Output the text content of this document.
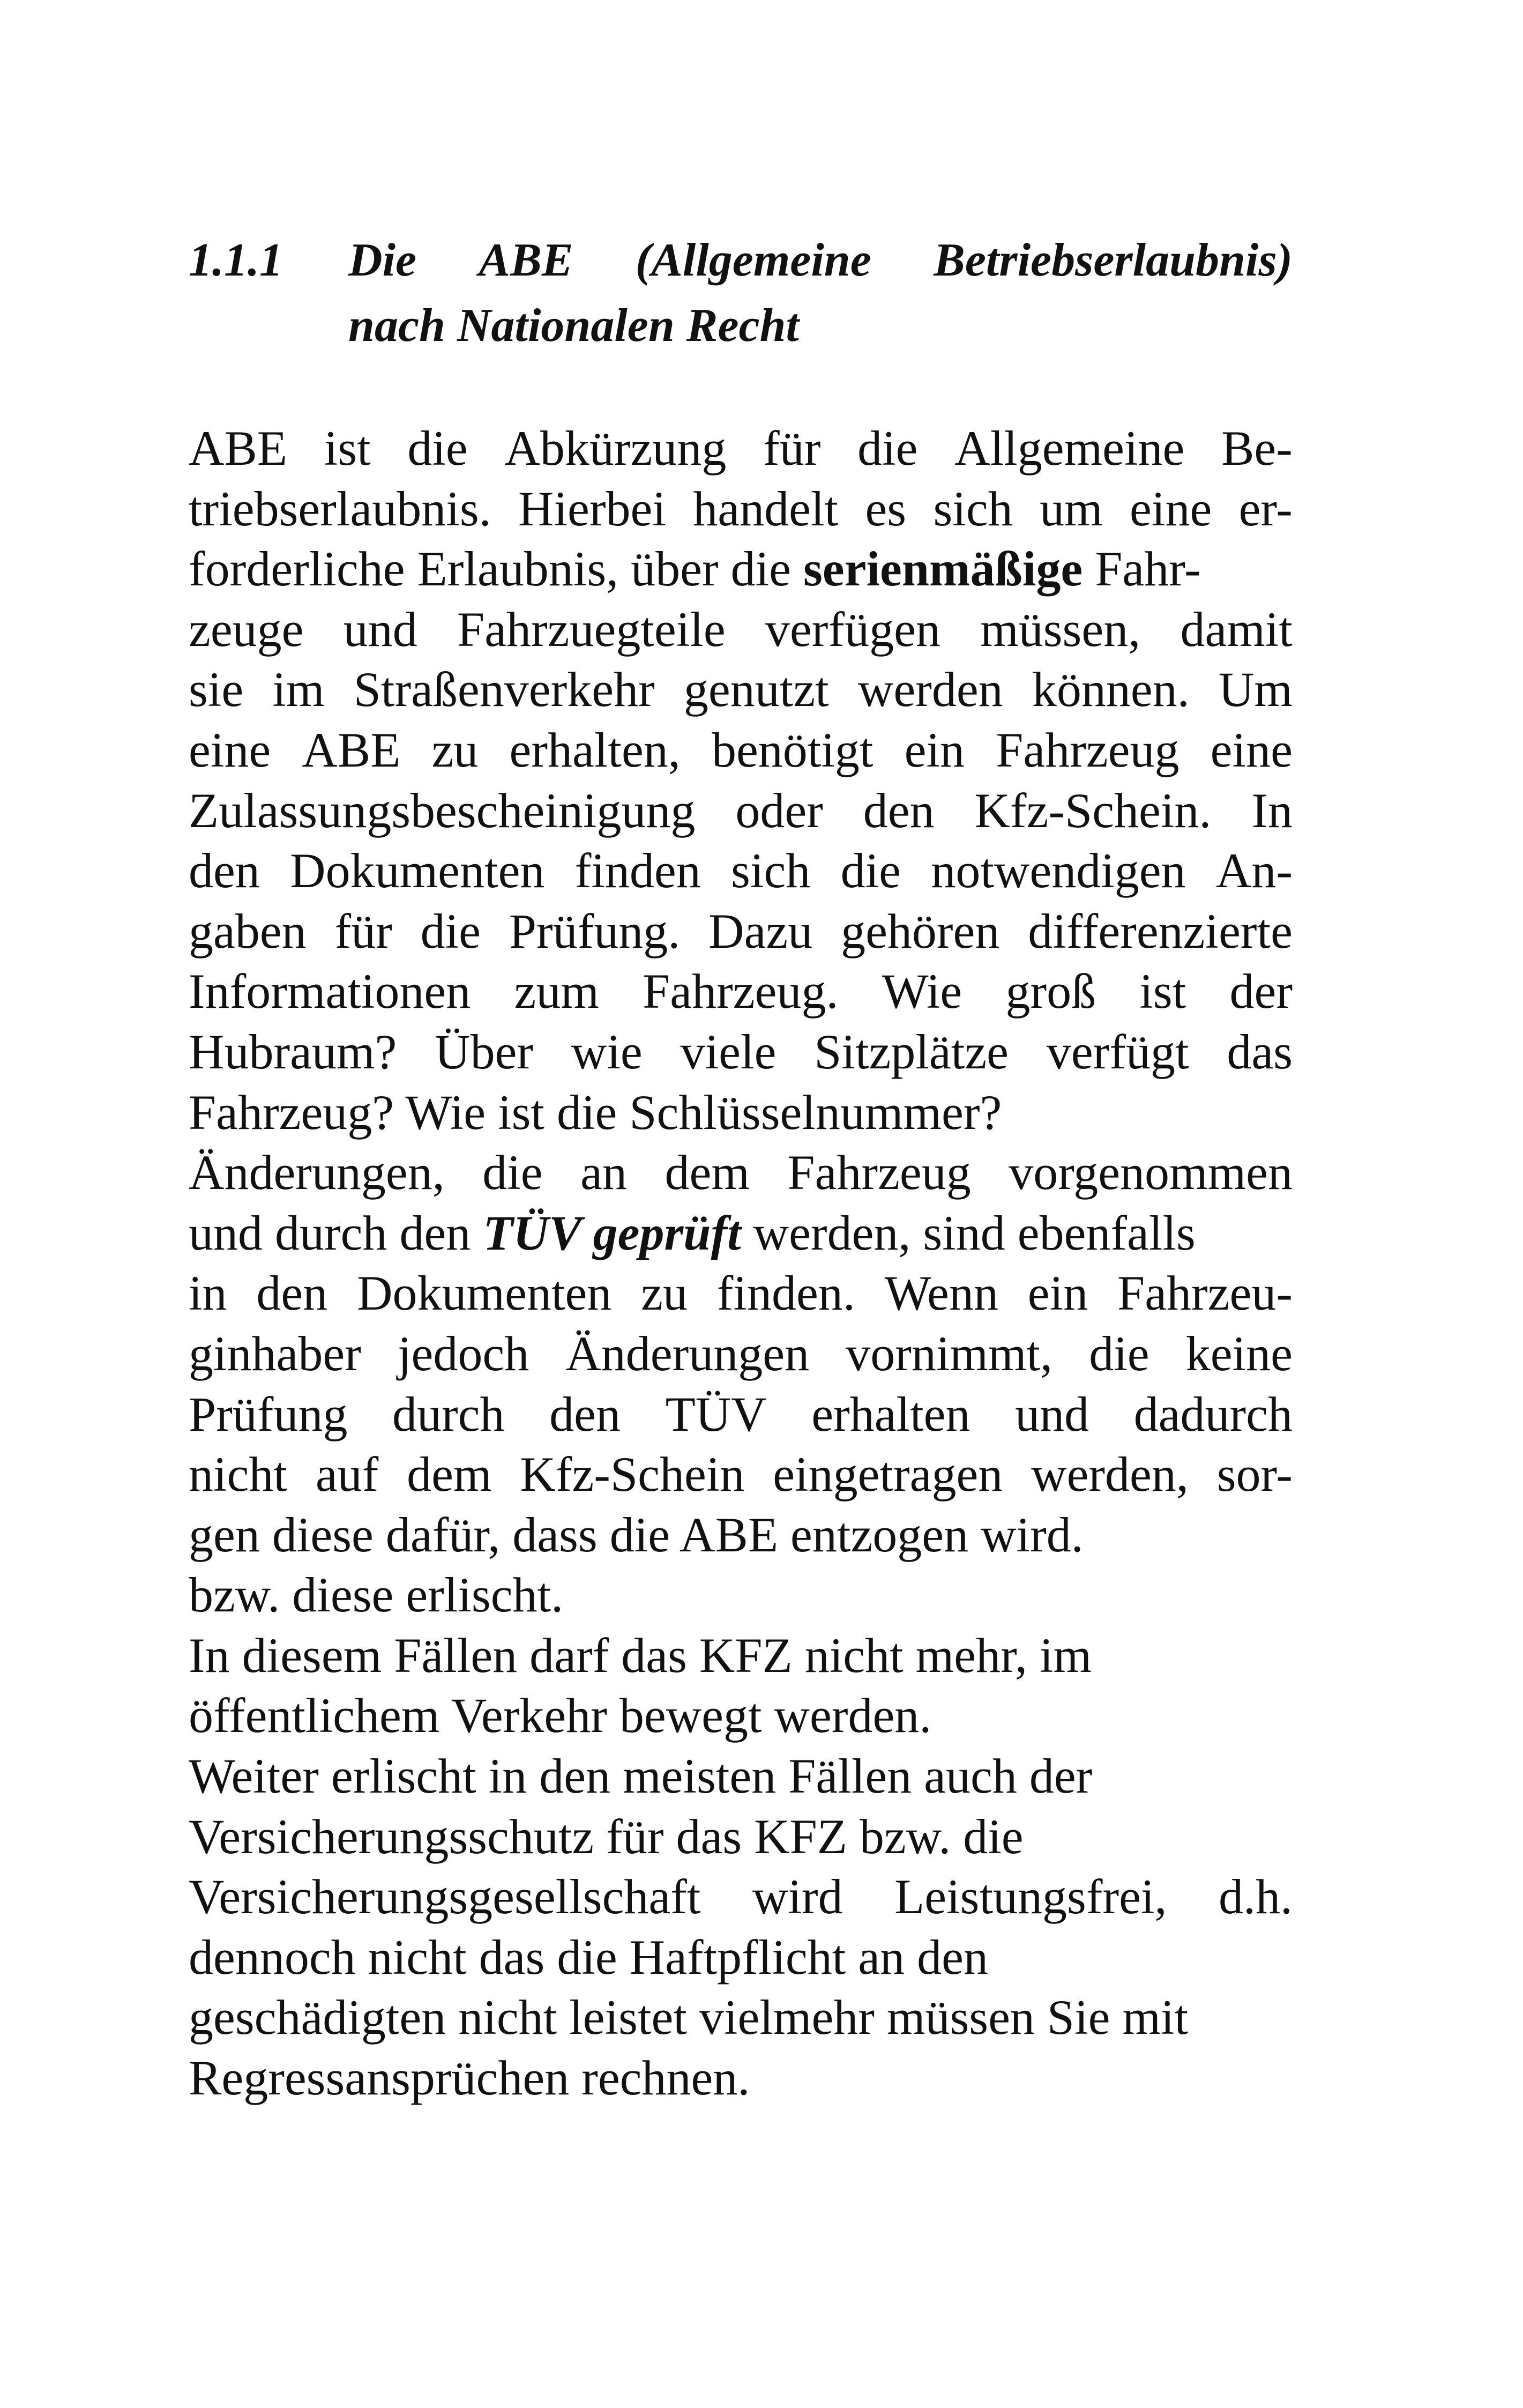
1.1.1 Die ABE (Allgemeine Betriebserlaubnis)
nach Nationalen Recht
ABE ist die Abkürzung für die Allgemeine Be-
triebserlaubnis. Hierbei handelt es sich um eine er-
forderliche Erlaubnis, über die serienmäßige Fahr-
zeuge und Fahrzuegteile verfügen müssen, damit
sie im Straßenverkehr genutzt werden können. Um
eine ABE zu erhalten, benötigt ein Fahrzeug eine
Zulassungsbescheinigung oder den Kfz-Schein. In
den Dokumenten finden sich die notwendigen An-
gaben für die Prüfung. Dazu gehören differenzierte
Informationen zum Fahrzeug. Wie groß ist der
Hubraum? Über wie viele Sitzplätze verfügt das
Fahrzeug? Wie ist die Schlüsselnummer?
Änderungen, die an dem Fahrzeug vorgenommen
und durch den TÜV geprüft werden, sind ebenfalls
in den Dokumenten zu finden. Wenn ein Fahrzeu-
ginhaber jedoch Änderungen vornimmt, die keine
Prüfung durch den TÜV erhalten und dadurch
nicht auf dem Kfz-Schein eingetragen werden, sor-
gen diese dafür, dass die ABE entzogen wird.
bzw. diese erlischt.
In diesem Fällen darf das KFZ nicht mehr, im
öffentlichem Verkehr bewegt werden.
Weiter erlischt in den meisten Fällen auch der
Versicherungsschutz für das KFZ bzw. die
Versicherungsgesellschaft wird Leistungsfrei, d.h.
dennoch nicht das die Haftpflicht an den
geschädigten nicht leistet vielmehr müssen Sie mit
Regressansprüchen rechnen.
